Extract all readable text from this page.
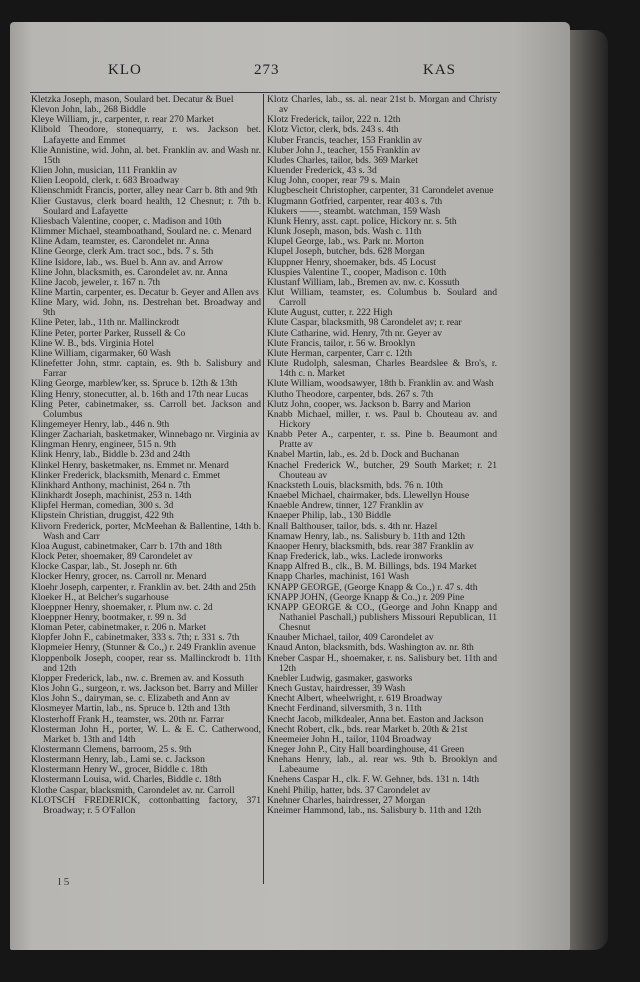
KLO	273	KAS
Kletzka Joseph, mason, Soulard bet. Decatur & Buel
Klevon John, lab., 268 Biddle
Kleye William, jr., carpenter, r. rear 270 Market
Klibold Theodore, stonequarry, r. ws. Jackson bet. Lafayette and Emmet
Klie Annistine, wid. John, al. bet. Franklin av. and Wash nr. 15th
Klien John, musician, 111 Franklin av
Klien Leopold, clerk, r. 683 Broadway
Klienschmidt Francis, porter, alley near Carr b. 8th and 9th
Klier Gustavus, clerk board health, 12 Chesnut; r. 7th b. Soulard and Lafayette
Kliesbach Valentine, cooper, c. Madison and 10th
Klimmer Michael, steamboathand, Soulard ne. c. Menard
Kline Adam, teamster, es. Carondelet nr. Anna
Kline George, clerk Am. tract soc., bds. 7 s. 5th
Kline Isidore, lab., ws. Buel b. Ann av. and Arrow
Kline John, blacksmith, es. Carondelet av. nr. Anna
Kline Jacob, jeweler, r. 167 n. 7th
Kline Martin, carpenter, es. Decatur b. Geyer and Allen avs
Kline Mary, wid. John, ns. Destrehan bet. Broadway and 9th
Kline Peter, lab., 11th nr. Mallinckrodt
Kline Peter, porter Parker, Russell & Co
Kline W. B., bds. Virginia Hotel
Kline William, cigarmaker, 60 Wash
Klinefetter John, stmr. captain, es. 9th b. Salisbury and Farrar
Kling George, marblew'ker, ss. Spruce b. 12th & 13th
Kling Henry, stonecutter, al. b. 16th and 17th near Lucas
Kling Peter, cabinetmaker, ss. Carroll bet. Jackson and Columbus
Klingemeyer Henry, lab., 446 n. 9th
Klinger Zachariah, basketmaker, Winnebago nr. Virginia av
Klingman Henry, engineer, 515 n. 9th
Klink Henry, lab., Biddle b. 23d and 24th
Klinkel Henry, basketmaker, ns. Emmet nr. Menard
Klinker Frederick, blacksmith, Menard c. Emmet
Klinkhard Anthony, machinist, 264 n. 7th
Klinkhardt Joseph, machinist, 253 n. 14th
Klipfel Herman, comedian, 300 s. 3d
Klipstein Christian, druggist, 422 9th
Klivorn Frederick, porter, McMeehan & Ballentine, 14th b. Wash and Carr
Kloa August, cabinetmaker, Carr b. 17th and 18th
Klock Peter, shoemaker, 89 Carondelet av
Klocke Caspar, lab., St. Joseph nr. 6th
Klocker Henry, grocer, ns. Carroll nr. Menard
Kloehr Joseph, carpenter, r. Franklin av. bet. 24th and 25th
Kloeker H., at Belcher's sugarhouse
Kloeppner Henry, shoemaker, r. Plum nw. c. 2d
Kloeppner Henry, bootmaker, r. 99 n. 3d
Kloman Peter, cabinetmaker, r. 206 n. Market
Klopfer John F., cabinetmaker, 333 s. 7th; r. 331 s. 7th
Klopmeier Henry, (Stunner & Co.,) r. 249 Franklin avenue
Kloppenbolk Joseph, cooper, rear ss. Mallinckrodt b. 11th and 12th
Klopper Frederick, lab., nw. c. Bremen av. and Kossuth
Klos John G., surgeon, r. ws. Jackson bet. Barry and Miller
Klos John S., dairyman, se. c. Elizabeth and Ann av
Klosmeyer Martin, lab., ns. Spruce b. 12th and 13th
Klosterhoff Frank H., teamster, ws. 20th nr. Farrar
Klosterman John H., porter, W. L. & E. C. Catherwood, Market b. 13th and 14th
Klostermann Clemens, barroom, 25 s. 9th
Klostermann Henry, lab., Lami se. c. Jackson
Klostermann Henry W., grocer, Biddle c. 18th
Klostermann Louisa, wid. Charles, Biddle c. 18th
Klothe Caspar, blacksmith, Carondelet av. nr. Carroll
KLOTSCH FREDERICK, cottonbatting factory, 371 Broadway; r. 5 O'Fallon
Klotz Charles, lab., ss. al. near 21st b. Morgan and Christy av
Klotz Frederick, tailor, 222 n. 12th
Klotz Victor, clerk, bds. 243 s. 4th
Kluber Francis, teacher, 153 Franklin av
Kluber John J., teacher, 155 Franklin av
Kludes Charles, tailor, bds. 369 Market
Kluender Frederick, 43 s. 3d
Klug John, cooper, rear 79 s. Main
Klugbescheit Christopher, carpenter, 31 Carondelet avenue
Klugmann Gotfried, carpenter, rear 403 s. 7th
Klukers ——, steambt. watchman, 159 Wash
Klunk Henry, asst. capt. police, Hickory nr. s. 5th
Klunk Joseph, mason, bds. Wash c. 11th
Klupel George, lab., ws. Park nr. Morton
Klupel Joseph, butcher, bds. 628 Morgan
Kluppner Henry, shoemaker, bds. 45 Locust
Kluspies Valentine T., cooper, Madison c. 10th
Klustanf William, lab., Bremen av. nw. c. Kossuth
Klut William, teamster, es. Columbus b. Soulard and Carroll
Klute August, cutter, r. 222 High
Klute Caspar, blacksmith, 98 Carondelet av; r. rear
Klute Catharine, wid. Henry, 7th nr. Geyer av
Klute Francis, tailor, r. 56 w. Brooklyn
Klute Herman, carpenter, Carr c. 12th
Klute Rudolph, salesman, Charles Beardslee & Bro's, r. 14th c. n. Market
Klute William, woodsawyer, 18th b. Franklin av. and Wash
Klutho Theodore, carpenter, bds. 267 s. 7th
Klutz John, cooper, ws. Jackson b. Barry and Marion
Knabb Michael, miller, r. ws. Paul b. Chouteau av. and Hickory
Knabb Peter A., carpenter, r. ss. Pine b. Beaumont and Pratte av
Knabel Martin, lab., es. 2d b. Dock and Buchanan
Knachel Frederick W., butcher, 29 South Market; r. 21 Chouteau av
Knacksteth Louis, blacksmith, bds. 76 n. 10th
Knaebel Michael, chairmaker, bds. Llewellyn House
Knaeble Andrew, tinner, 127 Franklin av
Knaeper Philip, lab., 130 Biddle
Knall Balthouser, tailor, bds. s. 4th nr. Hazel
Knamaw Henry, lab., ns. Salisbury b. 11th and 12th
Knaoper Henry, blacksmith, bds. rear 387 Franklin av
Knap Frederick, lab., wks. Laclede ironworks
Knapp Alfred B., clk., B. M. Billings, bds. 194 Market
Knapp Charles, machinist, 161 Wash
KNAPP GEORGE, (George Knapp & Co.,) r. 47 s. 4th
KNAPP JOHN, (George Knapp & Co.,) r. 209 Pine
KNAPP GEORGE & CO., (George and John Knapp and Nathaniel Paschall,) publishers Missouri Republican, 11 Chesnut
Knauber Michael, tailor, 409 Carondelet av
Knaud Anton, blacksmith, bds. Washington av. nr. 8th
Kneber Caspar H., shoemaker, r. ns. Salisbury bet. 11th and 12th
Knebler Ludwig, gasmaker, gasworks
Knech Gustav, hairdresser, 39 Wash
Knecht Albert, wheelwright, r. 619 Broadway
Knecht Ferdinand, silversmith, 3 n. 11th
Knecht Jacob, milkdealer, Anna bet. Easton and Jackson
Knecht Robert, clk., bds. rear Market b. 20th & 21st
Kneemeier John H., tailor, 1104 Broadway
Kneger John P., City Hall boardinghouse, 41 Green
Knehans Henry, lab., al. rear ws. 9th b. Brooklyn and Labeaume
Knehens Caspar H., clk. F. W. Gehner, bds. 131 n. 14th
Knehl Philip, hatter, bds. 37 Carondelet av
Knehner Charles, hairdresser, 27 Morgan
Kneimer Hammond, lab., ns. Salisbury b. 11th and 12th
l 5
